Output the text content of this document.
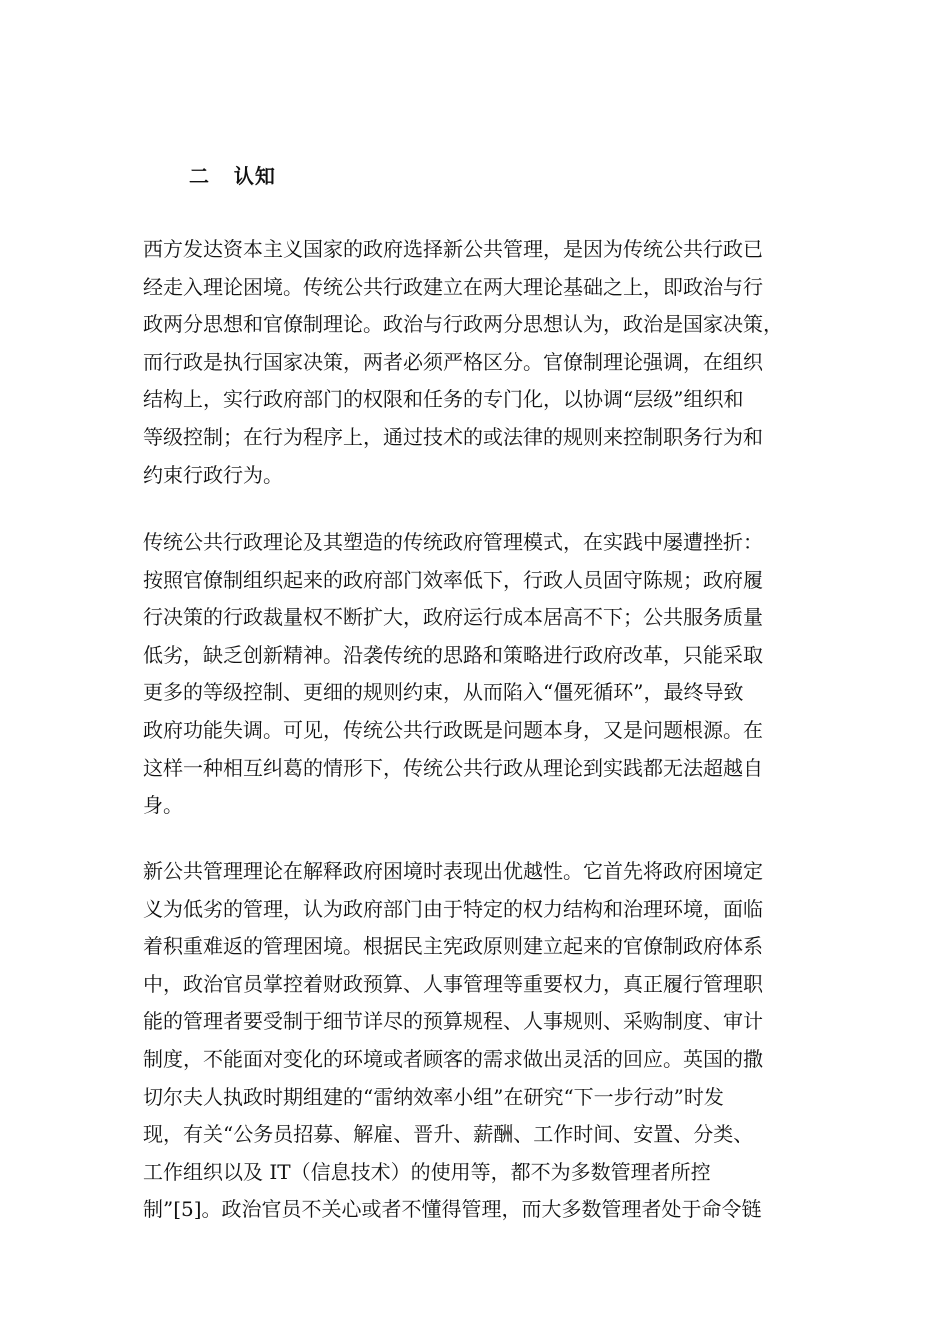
二   认知
西方发达资本主义国家的政府选择新公共管理，是因为传统公共行政已
经走入理论困境。传统公共行政建立在两大理论基础之上，即政治与行
政两分思想和官僚制理论。政治与行政两分思想认为，政治是国家决策，
而行政是执行国家决策，两者必须严格区分。官僚制理论强调，在组织
结构上，实行政府部门的权限和任务的专门化，以协调“层级”组织和
等级控制；在行为程序上，通过技术的或法律的规则来控制职务行为和
约束行政行为。
传统公共行政理论及其塑造的传统政府管理模式，在实践中屡遭挫折：
按照官僚制组织起来的政府部门效率低下，行政人员固守陈规；政府履
行决策的行政裁量权不断扩大，政府运行成本居高不下；公共服务质量
低劣，缺乏创新精神。沿袭传统的思路和策略进行政府改革，只能采取
更多的等级控制、更细的规则约束，从而陷入“僵死循环”，最终导致
政府功能失调。可见，传统公共行政既是问题本身，又是问题根源。在
这样一种相互纠葛的情形下，传统公共行政从理论到实践都无法超越自
身。
新公共管理理论在解释政府困境时表现出优越性。它首先将政府困境定
义为低劣的管理，认为政府部门由于特定的权力结构和治理环境，面临
着积重难返的管理困境。根据民主宪政原则建立起来的官僚制政府体系
中，政治官员掌控着财政预算、人事管理等重要权力，真正履行管理职
能的管理者要受制于细节详尽的预算规程、人事规则、采购制度、审计
制度，不能面对变化的环境或者顾客的需求做出灵活的回应。英国的撒
切尔夫人执政时期组建的“雷纳效率小组”在研究“下一步行动”时发
现，有关“公务员招募、解雇、晋升、薪酬、工作时间、安置、分类、
工作组织以及 IT（信息技术）的使用等，都不为多数管理者所控
制”[5]。政治官员不关心或者不懂得管理，而大多数管理者处于命令链
